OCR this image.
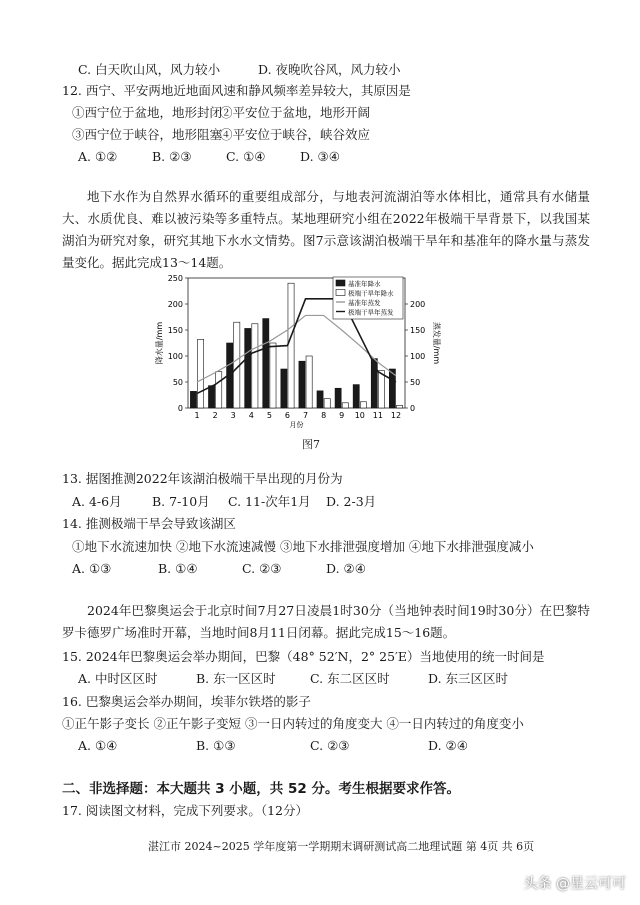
C. 白天吹山风，风力较小	D. 夜晚吹谷风，风力较小
12. 西宁、平安两地近地面风速和静风频率差异较大，其原因是
①西宁位于盆地，地形封闭
②平安位于盆地，地形开阔
③西宁位于峡谷，地形阻塞
④平安位于峡谷，峡谷效应
A. ①②	B. ②③	C. ①④	D. ③④
地下水作为自然界水循环的重要组成部分，与地表河流湖泊等水体相比，通常具有水储量大、水质优良、难以被污染等多重特点。某地理研究小组在2022年极端干旱背景下，以我国某湖泊为研究对象，研究其地下水水文情势。图7示意该湖泊极端干旱年和基准年的降水量与蒸发量变化。据此完成13～14题。
0
50
100
150
200
250
0
50
100
150
200
降水量/mm	蒸发量/mm
1 2 3 4 5 6 7 8 9 10 11 12
月份
基准年降水
极端干旱年降水
基准年蒸发
极端干旱年蒸发
图7
13. 据图推测2022年该湖泊极端干旱出现的月份为
A. 4-6月 B. 7-10月 C. 11-次年1月 D. 2-3月
14. 推测极端干旱会导致该湖区
①地下水流速加快 ②地下水流速减慢 ③地下水排泄强度增加 ④地下水排泄强度减小
A. ①③	B. ①④	C. ②③	D. ②④
2024年巴黎奥运会于北京时间7月27日凌晨1时30分（当地钟表时间19时30分）在巴黎特罗卡德罗广场准时开幕，当地时间8月11日闭幕。据此完成15～16题。
15. 2024年巴黎奥运会举办期间，巴黎（48° 52′N，2° 25′E）当地使用的统一时间是
A. 中时区区时	B. 东一区区时	C. 东二区区时	D. 东三区区时
16. 巴黎奥运会举办期间，埃菲尔铁塔的影子
①正午影子变长 ②正午影子变短 ③一日内转过的角度变大 ④一日内转过的角度变小
A. ①④	B. ①③	C. ②③	D. ②④
二、非选择题：本大题共 3 小题，共 52 分。考生根据要求作答。
17. 阅读图文材料，完成下列要求。（12分）
湛江市 2024~2025 学年度第一学期期末调研测试高二地理试题 第 4页 共 6页
头条 @星云可可
